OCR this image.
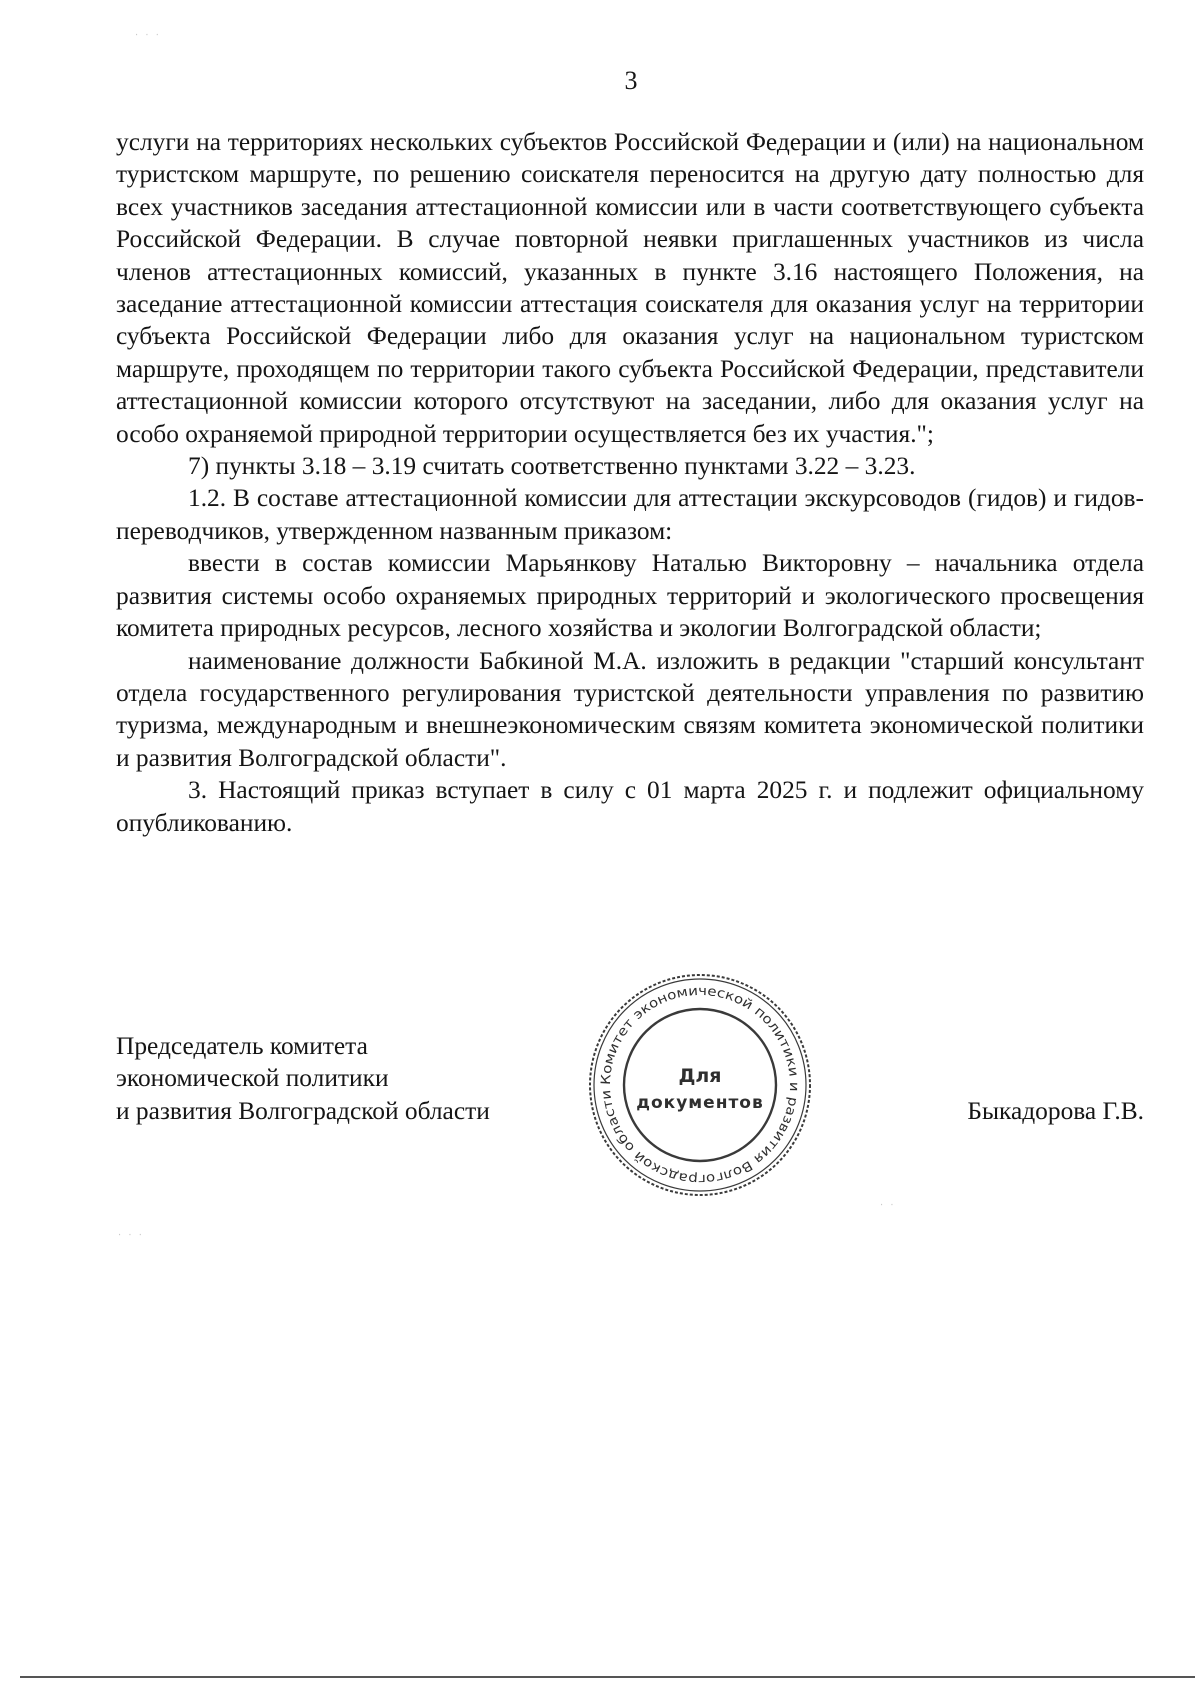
3

услуги на территориях нескольких субъектов Российской Федерации и (или) на национальном туристском маршруте, по решению соискателя переносится на другую дату полностью для всех участников заседания аттестационной комиссии или в части соответствующего субъекта Российской Федерации. В случае повторной неявки приглашенных участников из числа членов аттестационных комиссий, указанных в пункте 3.16 настоящего Положения, на заседание аттестационной комиссии аттестация соискателя для оказания услуг на территории субъекта Российской Федерации либо для оказания услуг на национальном туристском маршруте, проходящем по территории такого субъекта Российской Федерации, представители аттестационной комиссии которого отсутствуют на заседании, либо для оказания услуг на особо охраняемой природной территории осуществляется без их участия.";

7) пункты 3.18 – 3.19 считать соответственно пунктами 3.22 – 3.23.

1.2. В составе аттестационной комиссии для аттестации экскурсоводов (гидов) и гидов-переводчиков, утвержденном названным приказом:

ввести в состав комиссии Марьянкову Наталью Викторовну – начальника отдела развития системы особо охраняемых природных территорий и экологического просвещения комитета природных ресурсов, лесного хозяйства и экологии Волгоградской области;

наименование должности Бабкиной М.А. изложить в редакции "старший консультант отдела государственного регулирования туристской деятельности управления по развитию туризма, международным и внешнеэкономическим связям комитета экономической политики и развития Волгоградской области".

3. Настоящий приказ вступает в силу с 01 марта 2025 г. и подлежит официальному опубликованию.

Председатель комитета
экономической политики
и развития Волгоградской области	Быкадорова Г.В.
Комитет экономической политики и развития Волгоградской области
Для
документов
⋅ ⋅ ⋅
⋅ ⋅ ⋅
⋅ ⋅
